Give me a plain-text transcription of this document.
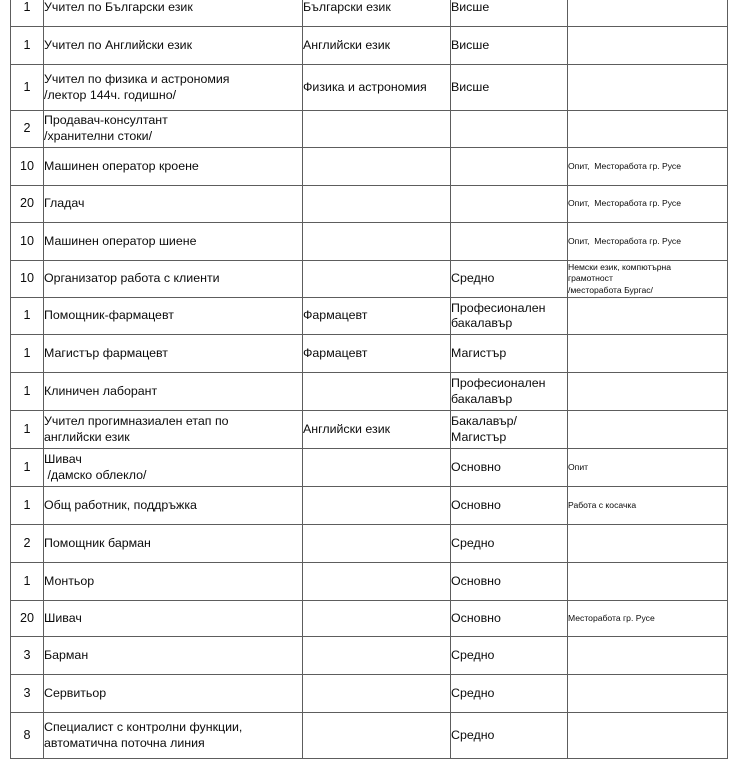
1	Учител по Български език	Български език	Висше	

1	Учител по Английски език	Английски език	Висше	

1	Учител по физика и астрономия
/лектор 144ч. годишно/	Физика и астрономия	Висше	

2	Продавач-консултант
/хранителни стоки/			

10	Машинен оператор кроене			Опит,  Месторабота гр. Русе

20	Гладач			Опит,  Месторабота гр. Русе

10	Машинен оператор шиене			Опит,  Месторабота гр. Русе

10	Организатор работа с клиенти		Средно	Немски език, компютърна
грамотност
/месторабота Бургас/

1	Помощник-фармацевт	Фармацевт	Професионален
бакалавър	

1	Магистър фармацевт	Фармацевт	Магистър	

1	Клиничен лаборант		Професионален
бакалавър	

1	Учител прогимназиален етап по
английски език	Английски език	Бакалавър/
Магистър	

1	Шивач
/дамско облекло/		Основно	Опит

1	Общ работник, поддръжка		Основно	Работа с косачка

2	Помощник барман		Средно	

1	Монтьор		Основно	

20	Шивач		Основно	Месторабота гр. Русе

3	Барман		Средно	

3	Сервитьор		Средно	

8	Специалист с контролни функции,
автоматична поточна линия		Средно	
